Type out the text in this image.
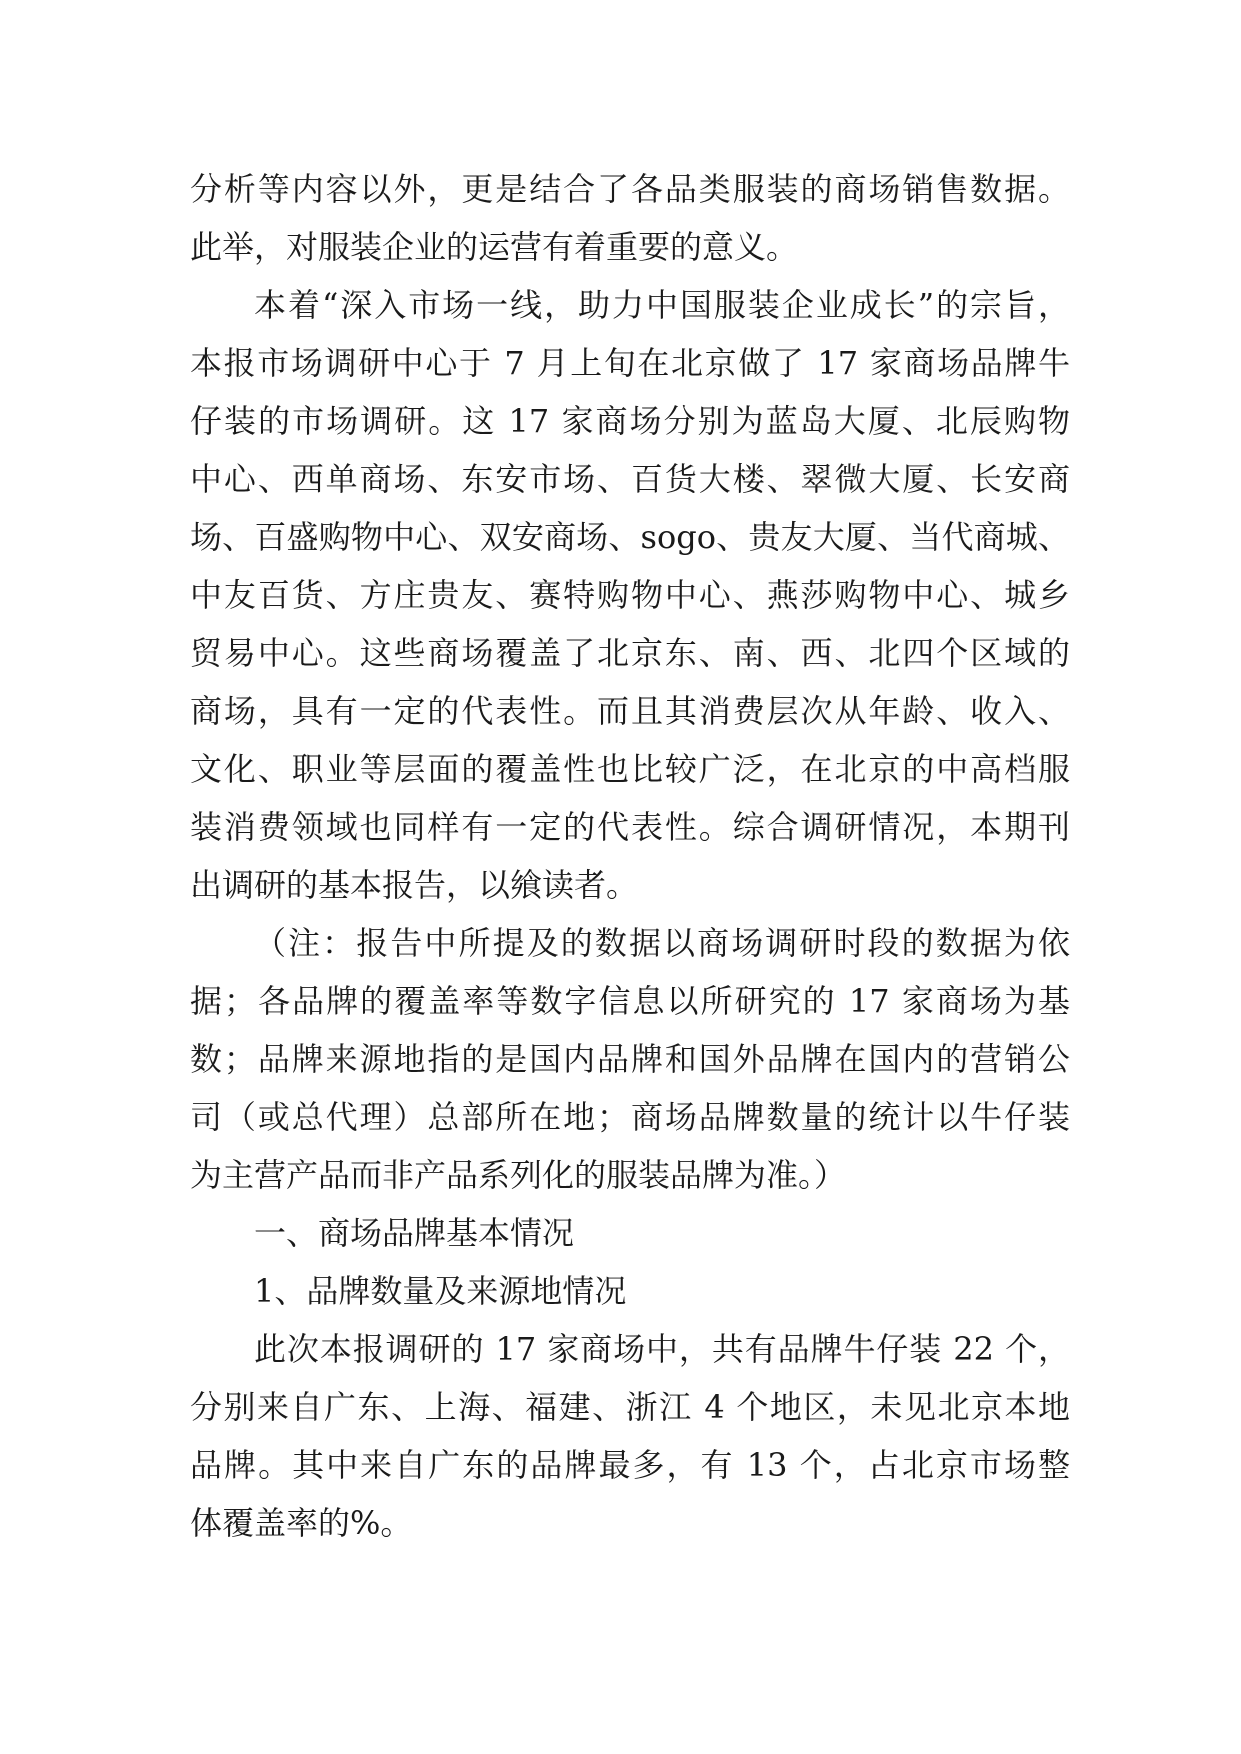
分析等内容以外，更是结合了各品类服装的商场销售数据。
此举，对服装企业的运营有着重要的意义。
本着“深入市场一线，助力中国服装企业成长”的宗旨，
本报市场调研中心于 7 月上旬在北京做了 17 家商场品牌牛
仔装的市场调研。这 17 家商场分别为蓝岛大厦、北辰购物
中心、西单商场、东安市场、百货大楼、翠微大厦、长安商
场、百盛购物中心、双安商场、sogo、贵友大厦、当代商城、
中友百货、方庄贵友、赛特购物中心、燕莎购物中心、城乡
贸易中心。这些商场覆盖了北京东、南、西、北四个区域的
商场，具有一定的代表性。而且其消费层次从年龄、收入、
文化、职业等层面的覆盖性也比较广泛，在北京的中高档服
装消费领域也同样有一定的代表性。综合调研情况，本期刊
出调研的基本报告，以飨读者。
（注：报告中所提及的数据以商场调研时段的数据为依
据；各品牌的覆盖率等数字信息以所研究的 17 家商场为基
数；品牌来源地指的是国内品牌和国外品牌在国内的营销公
司（或总代理）总部所在地；商场品牌数量的统计以牛仔装
为主营产品而非产品系列化的服装品牌为准。）
一、商场品牌基本情况
1、品牌数量及来源地情况
此次本报调研的 17 家商场中，共有品牌牛仔装 22 个，
分别来自广东、上海、福建、浙江 4 个地区，未见北京本地
品牌。其中来自广东的品牌最多，有 13 个，占北京市场整
体覆盖率的%。
